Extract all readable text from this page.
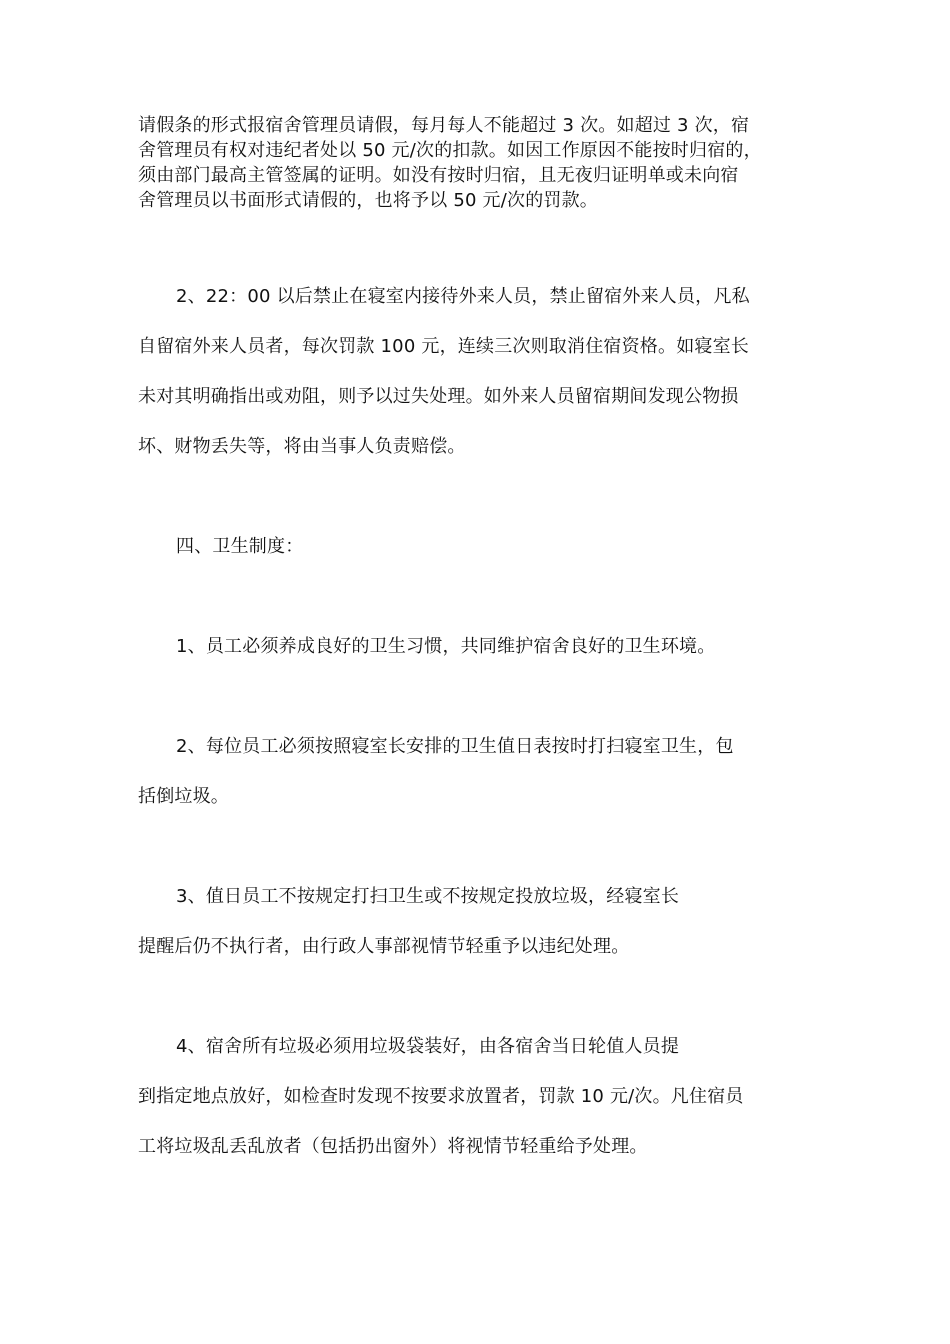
请假条的形式报宿舍管理员请假，每月每人不能超过 3 次。如超过 3 次，宿
舍管理员有权对违纪者处以 50 元/次的扣款。如因工作原因不能按时归宿的，
须由部门最高主管签属的证明。如没有按时归宿，且无夜归证明单或未向宿
舍管理员以书面形式请假的，也将予以 50 元/次的罚款。
2、22：00 以后禁止在寝室内接待外来人员，禁止留宿外来人员，凡私
自留宿外来人员者，每次罚款 100 元，连续三次则取消住宿资格。如寝室长
未对其明确指出或劝阻，则予以过失处理。如外来人员留宿期间发现公物损
坏、财物丢失等，将由当事人负责赔偿。
四、卫生制度：
1、员工必须养成良好的卫生习惯，共同维护宿舍良好的卫生环境。
2、每位员工必须按照寝室长安排的卫生值日表按时打扫寝室卫生，包
括倒垃圾。
3、值日员工不按规定打扫卫生或不按规定投放垃圾，经寝室长
提醒后仍不执行者，由行政人事部视情节轻重予以违纪处理。
4、宿舍所有垃圾必须用垃圾袋装好，由各宿舍当日轮值人员提
到指定地点放好，如检查时发现不按要求放置者，罚款 10 元/次。凡住宿员
工将垃圾乱丢乱放者（包括扔出窗外）将视情节轻重给予处理。
